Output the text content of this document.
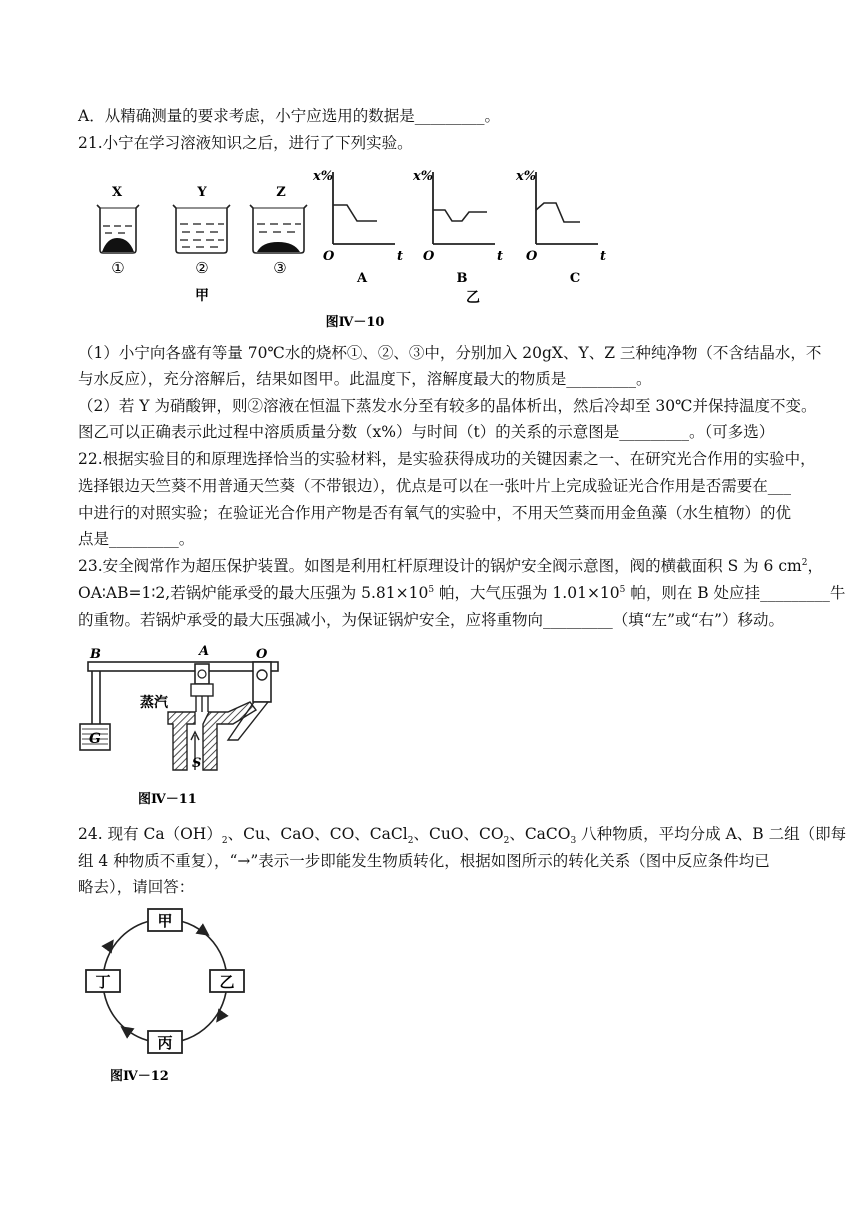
A．从精确测量的要求考虑，小宁应选用的数据是_________。
21.小宁在学习溶液知识之后，进行了下列实验。
X
①
Y
②
Z
③
甲
x%
O	t
A
x%
O	t
B
x%
O	t
C
乙
图Ⅳ－10
（1）小宁向各盛有等量 70℃水的烧杯①、②、③中，分别加入 20gX、Y、Z 三种纯净物（不含结晶水，不
与水反应），充分溶解后，结果如图甲。此温度下，溶解度最大的物质是_________。
（2）若 Y 为硝酸钾，则②溶液在恒温下蒸发水分至有较多的晶体析出，然后冷却至 30℃并保持温度不变。
图乙可以正确表示此过程中溶质质量分数（x%）与时间（t）的关系的示意图是_________。（可多选）
22.根据实验目的和原理选择恰当的实验材料，是实验获得成功的关键因素之一、在研究光合作用的实验中，
选择银边天竺葵不用普通天竺葵（不带银边），优点是可以在一张叶片上完成验证光合作用是否需要在___
中进行的对照实验；在验证光合作用产物是否有氧气的实验中，不用天竺葵而用金鱼藻（水生植物）的优
点是_________。
23.安全阀常作为超压保护装置。如图是利用杠杆原理设计的锅炉安全阀示意图，阀的横截面积 S 为 6 $cm^2$，
OA∶AB=1∶2,若锅炉能承受的最大压强为 $5.81\times 10^5$ 帕，大气压强为 $1.01\times 10^5$ 帕，则在 B 处应挂_________牛
的重物。若锅炉承受的最大压强减小，为保证锅炉安全，应将重物向_________（填“左”或“右”）移动。
B	A	O
蒸汽
S
G
图Ⅳ－11
24. 现有 $Ca(OH)_2$、Cu、CaO、CO、CaCl$_2$、CuO、$CO_2$、CaCO$_3$ 八种物质，平均分成 A、B 二组（即每
组 4 种物质不重复），“→”表示一步即能发生物质转化，根据如图所示的转化关系（图中反应条件均已
略去），请回答：
甲
乙
丙
丁
图Ⅳ－12
